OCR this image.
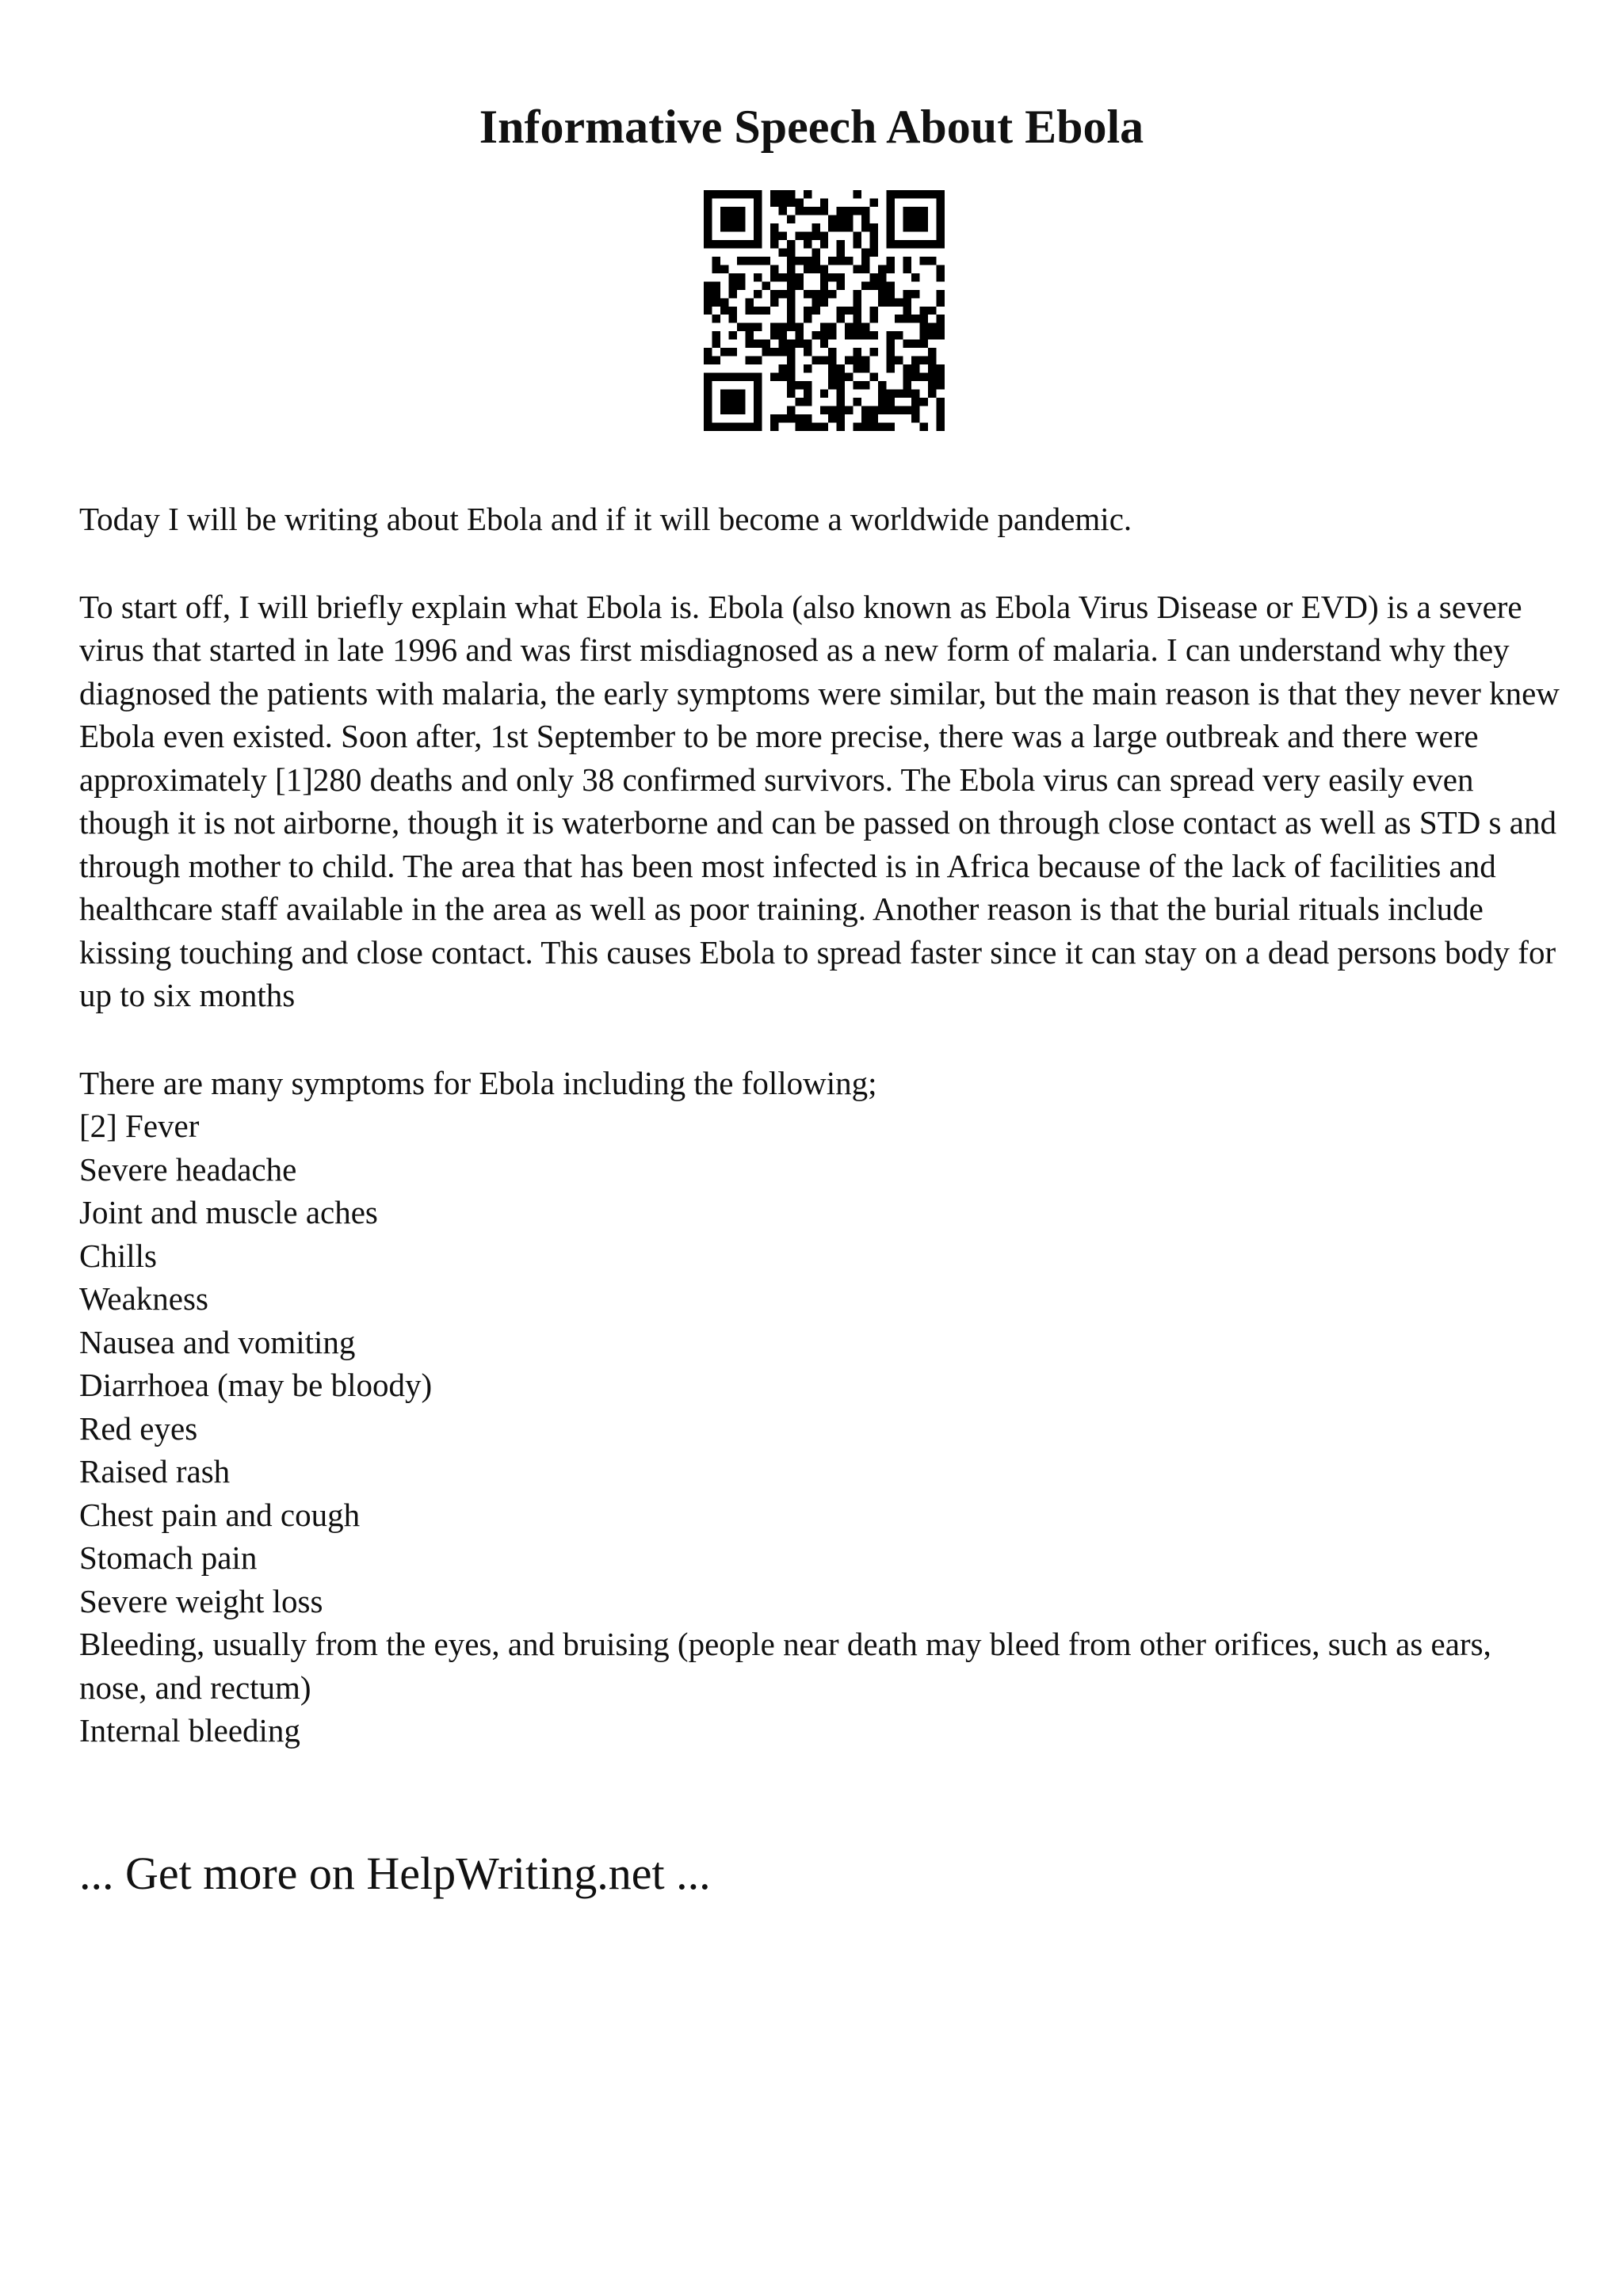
Informative Speech About Ebola

Today I will be writing about Ebola and if it will become a worldwide pandemic.

To start off, I will briefly explain what Ebola is. Ebola (also known as Ebola Virus Disease or EVD) is a severe virus that started in late 1996 and was first misdiagnosed as a new form of malaria. I can understand why they diagnosed the patients with malaria, the early symptoms were similar, but the main reason is that they never knew Ebola even existed. Soon after, 1st September to be more precise, there was a large outbreak and there were approximately [1]280 deaths and only 38 confirmed survivors. The Ebola virus can spread very easily even though it is not airborne, though it is waterborne and can be passed on through close contact as well as STD s and through mother to child. The area that has been most infected is in Africa because of the lack of facilities and healthcare staff available in the area as well as poor training. Another reason is that the burial rituals include kissing touching and close contact. This causes Ebola to spread faster since it can stay on a dead persons body for up to six months

There are many symptoms for Ebola including the following;

[2] Fever
Severe headache
Joint and muscle aches
Chills
Weakness
Nausea and vomiting
Diarrhoea (may be bloody)
Red eyes
Raised rash
Chest pain and cough
Stomach pain
Severe weight loss
Bleeding, usually from the eyes, and bruising (people near death may bleed from other orifices, such as ears, nose, and rectum)
Internal bleeding

... Get more on HelpWriting.net ...
